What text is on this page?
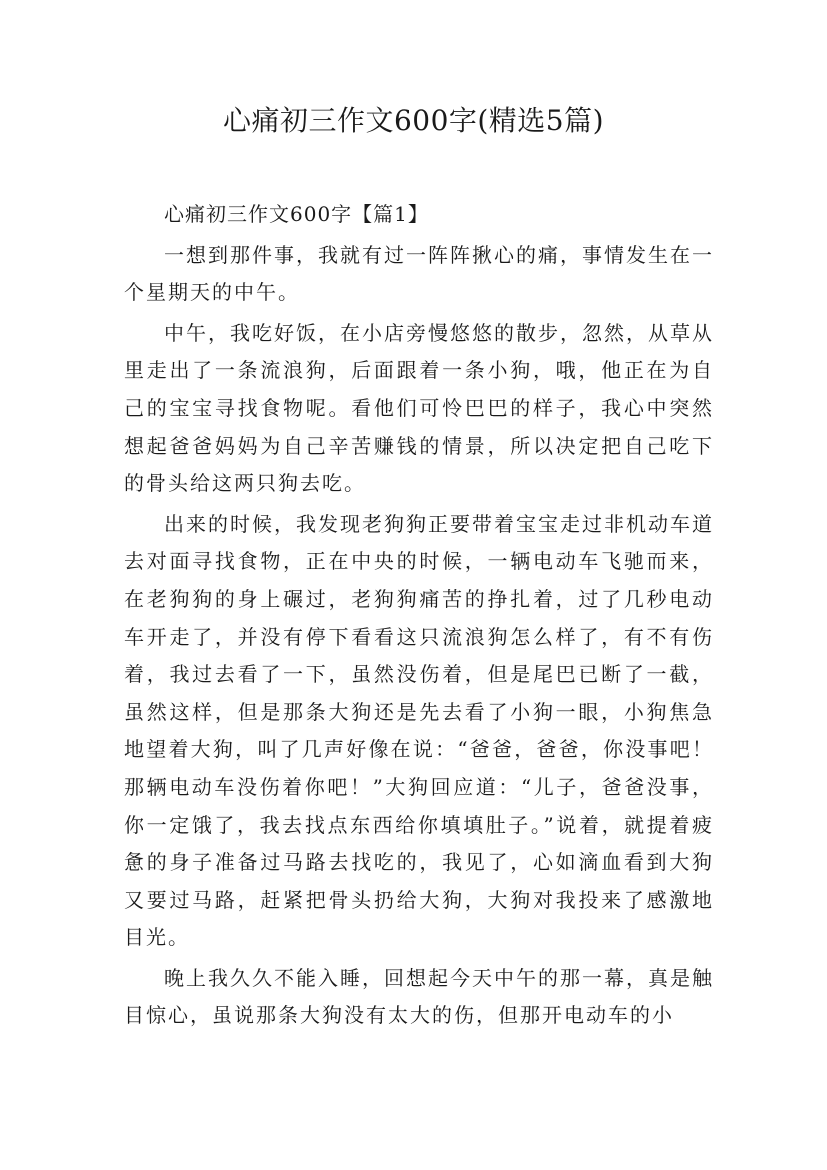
心痛初三作文600字(精选5篇)

心痛初三作文600字【篇1】

一想到那件事，我就有过一阵阵揪心的痛，事情发生在一个星期天的中午。

中午，我吃好饭，在小店旁慢悠悠的散步，忽然，从草从里走出了一条流浪狗，后面跟着一条小狗，哦，他正在为自己的宝宝寻找食物呢。看他们可怜巴巴的样子，我心中突然想起爸爸妈妈为自己辛苦赚钱的情景，所以决定把自己吃下的骨头给这两只狗去吃。

出来的时候，我发现老狗狗正要带着宝宝走过非机动车道去对面寻找食物，正在中央的时候，一辆电动车飞驰而来，在老狗狗的身上碾过，老狗狗痛苦的挣扎着，过了几秒电动车开走了，并没有停下看看这只流浪狗怎么样了，有不有伤着，我过去看了一下，虽然没伤着，但是尾巴已断了一截，虽然这样，但是那条大狗还是先去看了小狗一眼，小狗焦急地望着大狗，叫了几声好像在说：“爸爸，爸爸，你没事吧！那辆电动车没伤着你吧！”大狗回应道：“儿子，爸爸没事，你一定饿了，我去找点东西给你填填肚子。”说着，就提着疲惫的身子准备过马路去找吃的，我见了，心如滴血看到大狗又要过马路，赶紧把骨头扔给大狗，大狗对我投来了感激地目光。

晚上我久久不能入睡，回想起今天中午的那一幕，真是触目惊心，虽说那条大狗没有太大的伤，但那开电动车的小
